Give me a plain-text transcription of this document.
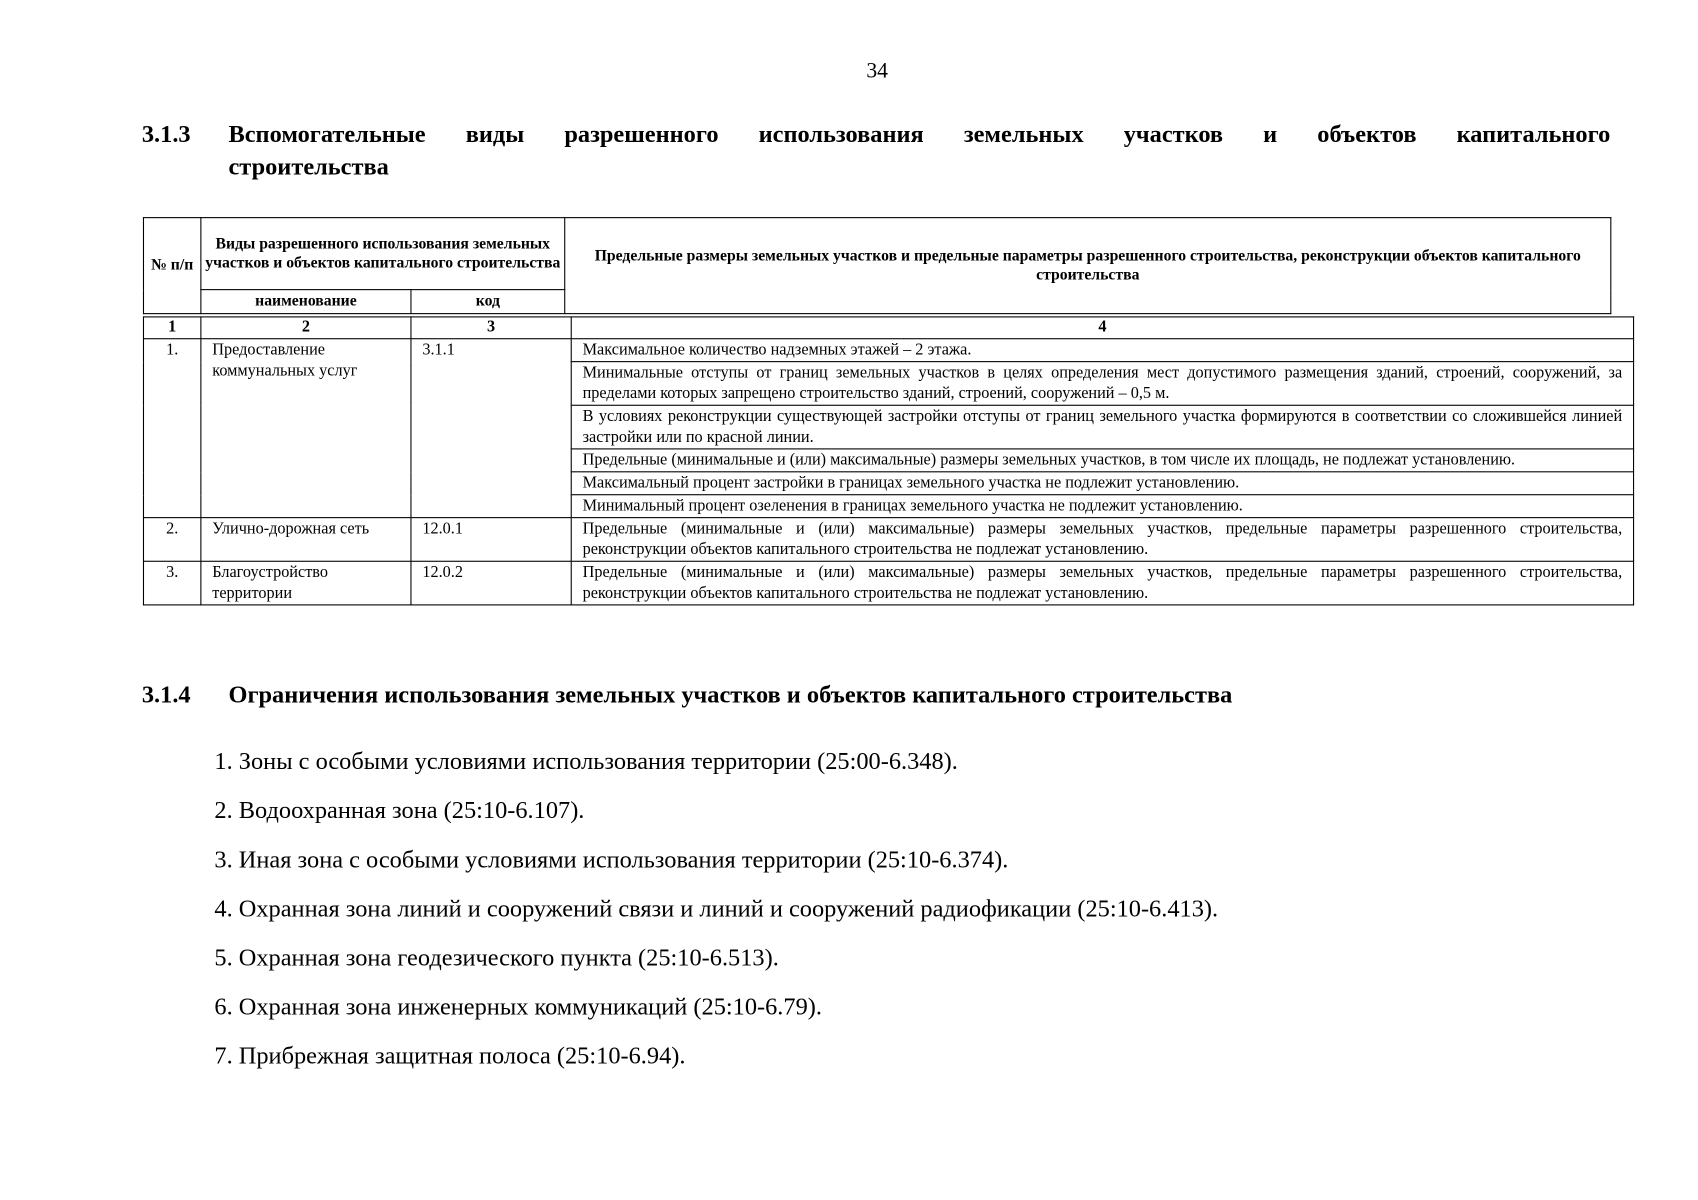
34
3.1.3 Вспомогательные виды разрешенного использования земельных участков и объектов капитального
строительства
№ п/п	Виды разрешенного использования земельных участков и объектов капитального строительства		Предельные размеры земельных участков и предельные параметры разрешенного строительства, реконструкции объектов капитального строительства
	наименование	код	
1	2	3	4
1.	Предоставление коммунальных услуг	3.1.1	Максимальное количество надземных этажей – 2 этажа.
			Минимальные отступы от границ земельных участков в целях определения мест допустимого размещения зданий, строений, сооружений, за пределами которых запрещено строительство зданий, строений, сооружений – 0,5 м.
			В условиях реконструкции существующей застройки отступы от границ земельного участка формируются в соответствии со сложившейся линией застройки или по красной линии.
			Предельные (минимальные и (или) максимальные) размеры земельных участков, в том числе их площадь, не подлежат установлению.
			Максимальный процент застройки в границах земельного участка не подлежит установлению.
			Минимальный процент озеленения в границах земельного участка не подлежит установлению.
2.	Улично-дорожная сеть	12.0.1	Предельные (минимальные и (или) максимальные) размеры земельных участков, предельные параметры разрешенного строительства, реконструкции объектов капитального строительства не подлежат установлению.
3.	Благоустройство территории	12.0.2	Предельные (минимальные и (или) максимальные) размеры земельных участков, предельные параметры разрешенного строительства, реконструкции объектов капитального строительства не подлежат установлению.
3.1.4 Ограничения использования земельных участков и объектов капитального строительства
1. Зоны с особыми условиями использования территории (25:00-6.348).
2. Водоохранная зона (25:10-6.107).
3. Иная зона с особыми условиями использования территории (25:10-6.374).
4. Охранная зона линий и сооружений связи и линий и сооружений радиофикации (25:10-6.413).
5. Охранная зона геодезического пункта (25:10-6.513).
6. Охранная зона инженерных коммуникаций (25:10-6.79).
7. Прибрежная защитная полоса (25:10-6.94).
